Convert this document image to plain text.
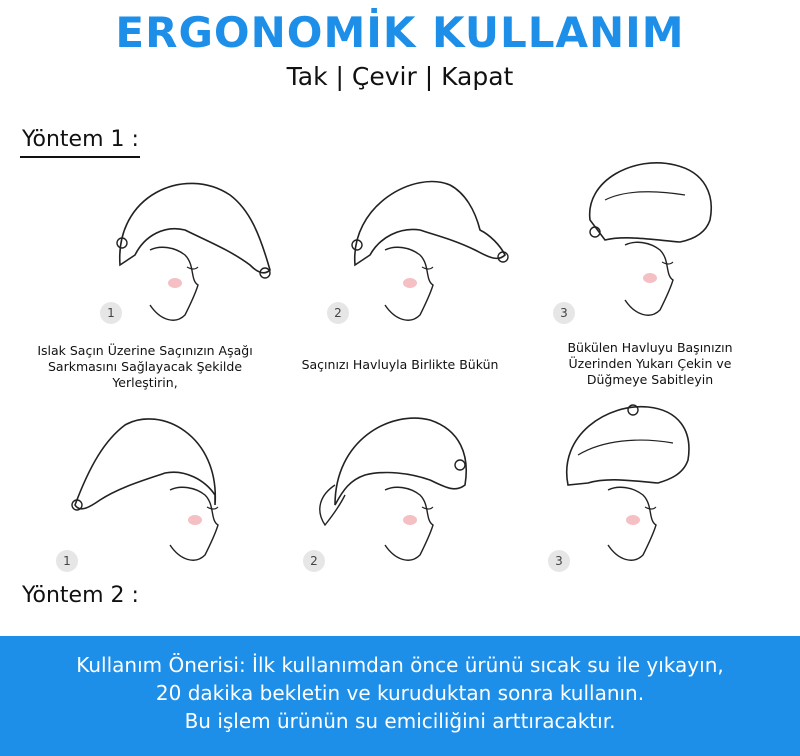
ERGONOMİK KULLANIM
Tak | Çevir | Kapat
Yöntem 1 :
1	2	3
Islak Saçın Üzerine Saçınızın Aşağı
Sarkmasını Sağlayacak Şekilde
Yerleştirin,
Saçınızı Havluyla Birlikte Bükün
Bükülen Havluyu Başınızın
Üzerinden Yukarı Çekin ve
Düğmeye Sabitleyin
1	2	3
Yöntem 2 :
Kullanım Önerisi: İlk kullanımdan önce ürünü sıcak su ile yıkayın,
20 dakika bekletin ve kuruduktan sonra kullanın.
Bu işlem ürünün su emiciliğini arttıracaktır.
